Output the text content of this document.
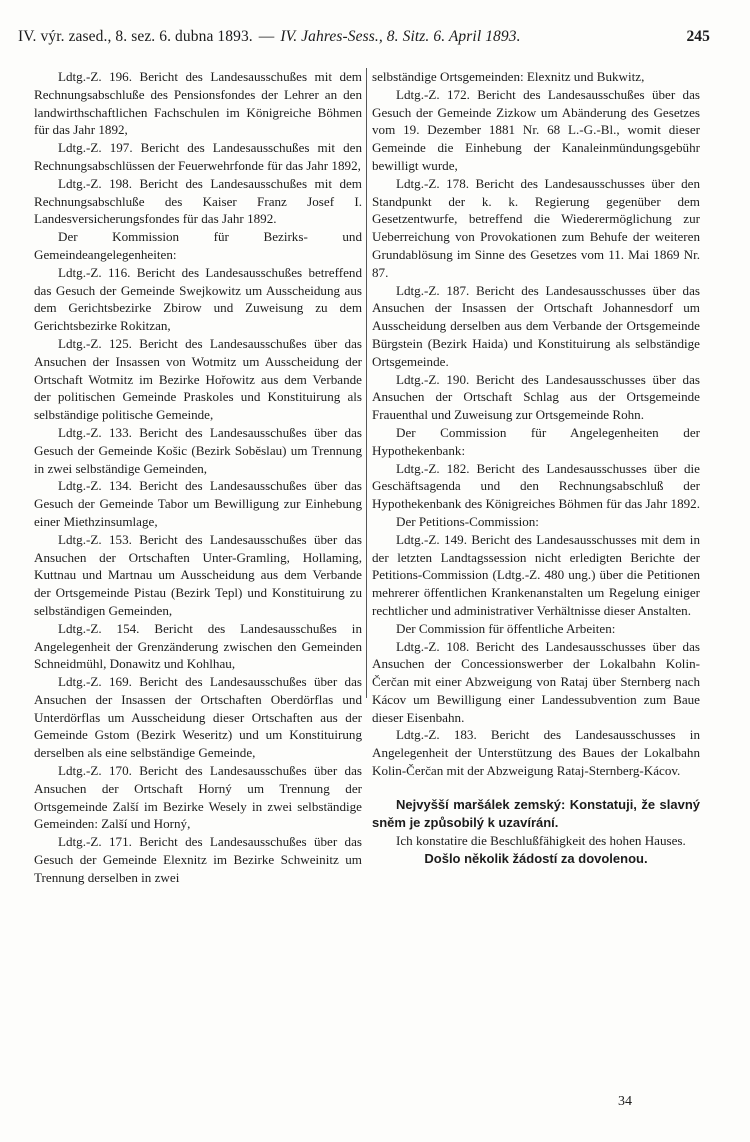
IV. výr. zased., 8. sez. 6. dubna 1893. — IV. Jahres-Sess., 8. Sitz. 6. April 1893.	245

Ldtg.-Z. 196. Bericht des Landesausschußes mit dem Rechnungsabschluße des Pensionsfondes der Lehrer an den landwirthschaftlichen Fachschulen im Königreiche Böhmen für das Jahr 1892,

Ldtg.-Z. 197. Bericht des Landesausschußes mit den Rechnungsabschlüssen der Feuerwehrfonde für das Jahr 1892,

Ldtg.-Z. 198. Bericht des Landesausschußes mit dem Rechnungsabschluße des Kaiser Franz Josef I. Landesversicherungsfondes für das Jahr 1892.

Der Kommission für Bezirks- und Gemeindeangelegenheiten:

Ldtg.-Z. 116. Bericht des Landesausschußes betreffend das Gesuch der Gemeinde Swejkowitz um Ausscheidung aus dem Gerichtsbezirke Zbirow und Zuweisung zu dem Gerichtsbezirke Rokitzan,

Ldtg.-Z. 125. Bericht des Landesausschußes über das Ansuchen der Insassen von Wotmitz um Ausscheidung der Ortschaft Wotmitz im Bezirke Hořowitz aus dem Verbande der politischen Gemeinde Praskoles und Konstituirung als selbständige politische Gemeinde,

Ldtg.-Z. 133. Bericht des Landesausschußes über das Gesuch der Gemeinde Košic (Bezirk Soběslau) um Trennung in zwei selbständige Gemeinden,

Ldtg.-Z. 134. Bericht des Landesausschußes über das Gesuch der Gemeinde Tabor um Bewilligung zur Einhebung einer Miethzinsumlage,

Ldtg.-Z. 153. Bericht des Landesausschußes über das Ansuchen der Ortschaften Unter-Gramling, Hollaming, Kuttnau und Martnau um Ausscheidung aus dem Verbande der Ortsgemeinde Pistau (Bezirk Tepl) und Konstituirung zu selbständigen Gemeinden,

Ldtg.-Z. 154. Bericht des Landesausschußes in Angelegenheit der Grenzänderung zwischen den Gemeinden Schneidmühl, Donawitz und Kohlhau,

Ldtg.-Z. 169. Bericht des Landesausschußes über das Ansuchen der Insassen der Ortschaften Oberdörflas und Unterdörflas um Ausscheidung dieser Ortschaften aus der Gemeinde Gstom (Bezirk Weseritz) und um Konstituirung derselben als eine selbständige Gemeinde,

Ldtg.-Z. 170. Bericht des Landesausschußes über das Ansuchen der Ortschaft Horný um Trennung der Ortsgemeinde Zalší im Bezirke Wesely in zwei selbständige Gemeinden: Zalší und Horný,

Ldtg.-Z. 171. Bericht des Landesausschußes über das Gesuch der Gemeinde Elexnitz im Bezirke Schweinitz um Trennung derselben in zwei

selbständige Ortsgemeinden: Elexnitz und Bukwitz,

Ldtg.-Z. 172. Bericht des Landesausschußes über das Gesuch der Gemeinde Zizkow um Abänderung des Gesetzes vom 19. Dezember 1881 Nr. 68 L.-G.-Bl., womit dieser Gemeinde die Einhebung der Kanaleinmündungsgebühr bewilligt wurde,

Ldtg.-Z. 178. Bericht des Landesausschusses über den Standpunkt der k. k. Regierung gegenüber dem Gesetzentwurfe, betreffend die Wiederermöglichung zur Ueberreichung von Provokationen zum Behufe der weiteren Grundablösung im Sinne des Gesetzes vom 11. Mai 1869 Nr. 87.

Ldtg.-Z. 187. Bericht des Landesausschusses über das Ansuchen der Insassen der Ortschaft Johannesdorf um Ausscheidung derselben aus dem Verbande der Ortsgemeinde Bürgstein (Bezirk Haida) und Konstituirung als selbständige Ortsgemeinde.

Ldtg.-Z. 190. Bericht des Landesausschusses über das Ansuchen der Ortschaft Schlag aus der Ortsgemeinde Frauenthal und Zuweisung zur Ortsgemeinde Rohn.

Der Commission für Angelegenheiten der Hypothekenbank:

Ldtg.-Z. 182. Bericht des Landesausschusses über die Geschäftsagenda und den Rechnungsabschluß der Hypothekenbank des Königreiches Böhmen für das Jahr 1892.

Der Petitions-Commission:

Ldtg.-Z. 149. Bericht des Landesausschusses mit dem in der letzten Landtagssession nicht erledigten Berichte der Petitions-Commission (Ldtg.-Z. 480 ung.) über die Petitionen mehrerer öffentlichen Krankenanstalten um Regelung einiger rechtlicher und administrativer Verhältnisse dieser Anstalten.

Der Commission für öffentliche Arbeiten:

Ldtg.-Z. 108. Bericht des Landesausschusses über das Ansuchen der Concessionswerber der Lokalbahn Kolin-Čerčan mit einer Abzweigung von Rataj über Sternberg nach Kácov um Bewilligung einer Landessubvention zum Baue dieser Eisenbahn.

Ldtg.-Z. 183. Bericht des Landesausschusses in Angelegenheit der Unterstützung des Baues der Lokalbahn Kolin-Čerčan mit der Abzweigung Rataj-Sternberg-Kácov.

Nejvyšší maršálek zemský: Konstatuji, že slavný sněm je způsobilý k uzavírání.

Ich konstatire die Beschlußfähigkeit des hohen Hauses.

Došlo několik žádostí za dovolenou.

34
